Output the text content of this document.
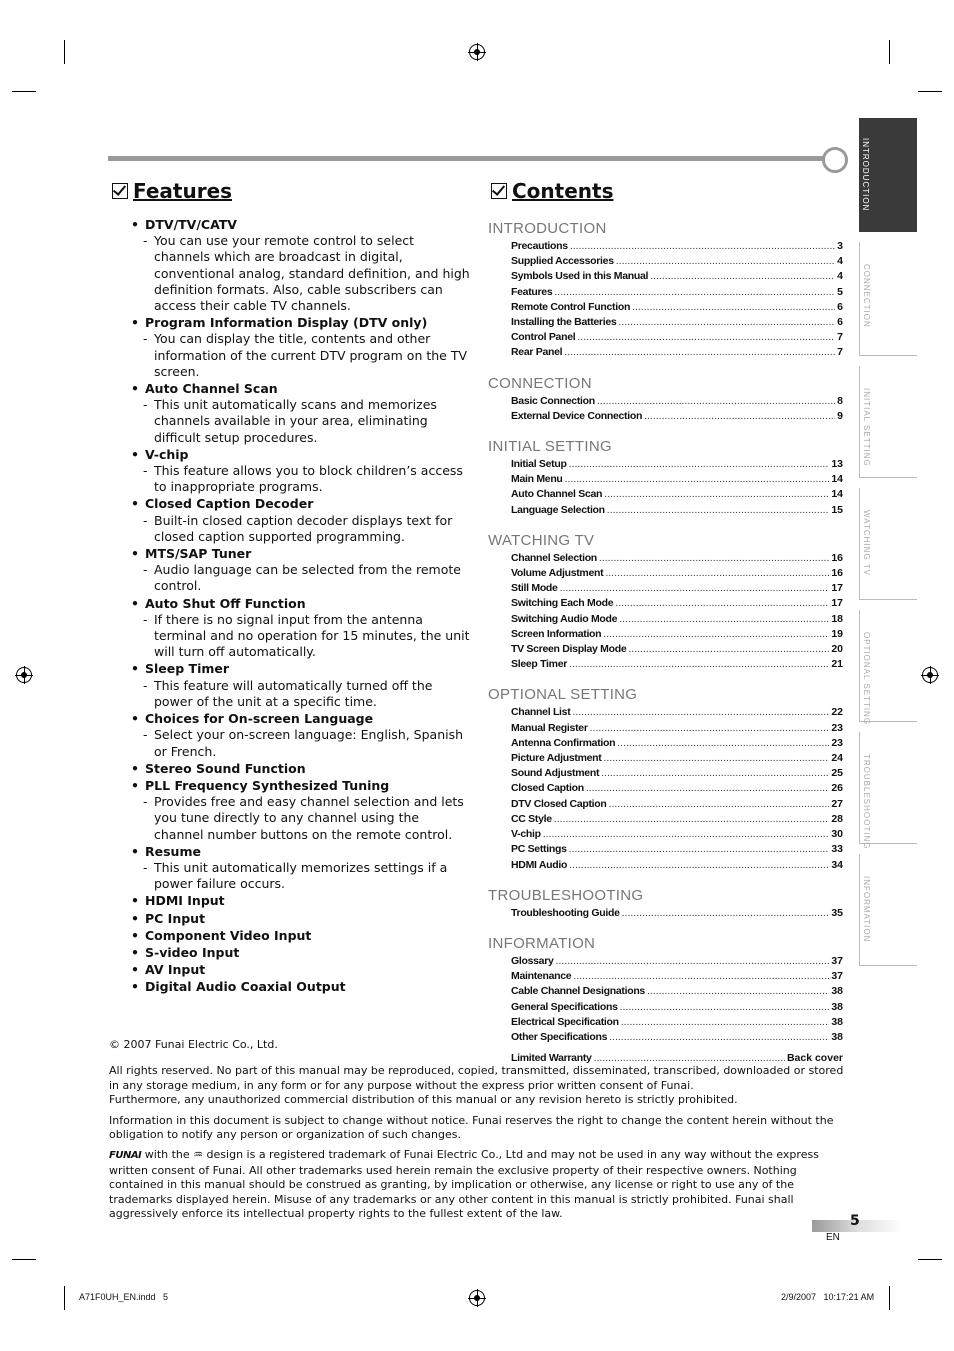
INTRODUCTION
CONNECTION
INITIAL SETTING
WATCHING TV
OPTIONAL SETTING
TROUBLESHOOTING
INFORMATION
Features
• DTV/TV/CATV
- You can use your remote control to select channels which are broadcast in digital, conventional analog, standard definition, and high definition formats. Also, cable subscribers can access their cable TV channels.
• Program Information Display (DTV only)
- You can display the title, contents and other information of the current DTV program on the TV screen.
• Auto Channel Scan
- This unit automatically scans and memorizes channels available in your area, eliminating difficult setup procedures.
• V-chip
- This feature allows you to block children’s access to inappropriate programs.
• Closed Caption Decoder
- Built-in closed caption decoder displays text for closed caption supported programming.
• MTS/SAP Tuner
- Audio language can be selected from the remote control.
• Auto Shut Off Function
- If there is no signal input from the antenna terminal and no operation for 15 minutes, the unit will turn off automatically.
• Sleep Timer
- This feature will automatically turned off the power of the unit at a specific time.
• Choices for On-screen Language
- Select your on-screen language: English, Spanish or French.
• Stereo Sound Function
• PLL Frequency Synthesized Tuning
- Provides free and easy channel selection and lets you tune directly to any channel using the channel number buttons on the remote control.
• Resume
- This unit automatically memorizes settings if a power failure occurs.
• HDMI Input
• PC Input
• Component Video Input
• S-video Input
• AV Input
• Digital Audio Coaxial Output
Contents
INTRODUCTION
Precautions .....	3
Supplied Accessories .....	4
Symbols Used in this Manual .....	4
Features .....	5
Remote Control Function .....	6
Installing the Batteries .....	6
Control Panel .....	7
Rear Panel .....	7
CONNECTION
Basic Connection .....	8
External Device Connection .....	9
INITIAL SETTING
Initial Setup .....	13
Main Menu .....	14
Auto Channel Scan .....	14
Language Selection .....	15
WATCHING TV
Channel Selection .....	16
Volume Adjustment .....	16
Still Mode .....	17
Switching Each Mode .....	17
Switching Audio Mode .....	18
Screen Information .....	19
TV Screen Display Mode .....	20
Sleep Timer .....	21
OPTIONAL SETTING
Channel List .....	22
Manual Register .....	23
Antenna Confirmation .....	23
Picture Adjustment .....	24
Sound Adjustment .....	25
Closed Caption .....	26
DTV Closed Caption .....	27
CC Style .....	28
V-chip .....	30
PC Settings .....	33
HDMI Audio .....	34
TROUBLESHOOTING
Troubleshooting Guide .....	35
INFORMATION
Glossary .....	37
Maintenance .....	37
Cable Channel Designations .....	38
General Specifications .....	38
Electrical Specification .....	38
Other Specifications .....	38
Limited Warranty .....	Back cover

© 2007 Funai Electric Co., Ltd.

All rights reserved. No part of this manual may be reproduced, copied, transmitted, disseminated, transcribed, downloaded or stored in any storage medium, in any form or for any purpose without the express prior written consent of Funai.
Furthermore, any unauthorized commercial distribution of this manual or any revision hereto is strictly prohibited.

Information in this document is subject to change without notice. Funai reserves the right to change the content herein without the obligation to notify any person or organization of such changes.

FUNAI with the ♒ design is a registered trademark of Funai Electric Co., Ltd and may not be used in any way without the express written consent of Funai. All other trademarks used herein remain the exclusive property of their respective owners. Nothing contained in this manual should be construed as granting, by implication or otherwise, any license or right to use any of the trademarks displayed herein. Misuse of any trademarks or any other content in this manual is strictly prohibited. Funai shall aggressively enforce its intellectual property rights to the fullest extent of the law.	5
EN
A71F0UH_EN.indd   5	2/9/2007   10:17:21 AM
